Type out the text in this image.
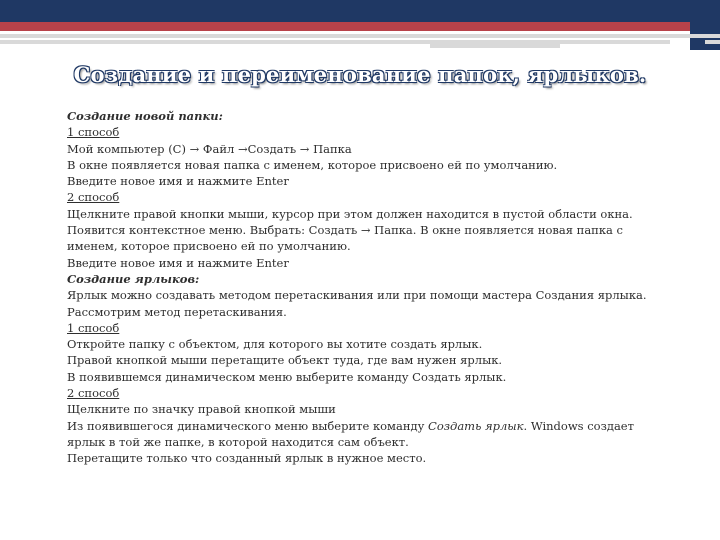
Создание и переименование папок, ярлыков.

Создание новой папки:

1 способ

Мой компьютер (С) → Файл →Создать → Папка

В окне появляется новая папка с именем, которое присвоено ей по умолчанию.

Введите новое имя и нажмите Enter

2 способ

Щелкните правой кнопки мыши, курсор при этом должен находится в пустой области окна. Появится контекстное меню. Выбрать: Создать → Папка. В окне появляется новая папка с именем, которое присвоено ей по умолчанию.

Введите новое имя и нажмите Enter

Создание ярлыков:

Ярлык можно создавать методом перетаскивания или при помощи мастера Создания ярлыка.

Рассмотрим метод перетаскивания.

1 способ

Откройте папку с объектом, для которого вы хотите создать ярлык.

Правой кнопкой мыши перетащите объект туда, где вам нужен ярлык.

В появившемся динамическом меню выберите команду Создать ярлык.

2 способ

Щелкните по значку правой кнопкой мыши

Из появившегося динамического меню выберите команду Создать ярлык. Windows создает ярлык в той же папке, в которой находится сам объект.

Перетащите только что созданный ярлык в нужное место.
